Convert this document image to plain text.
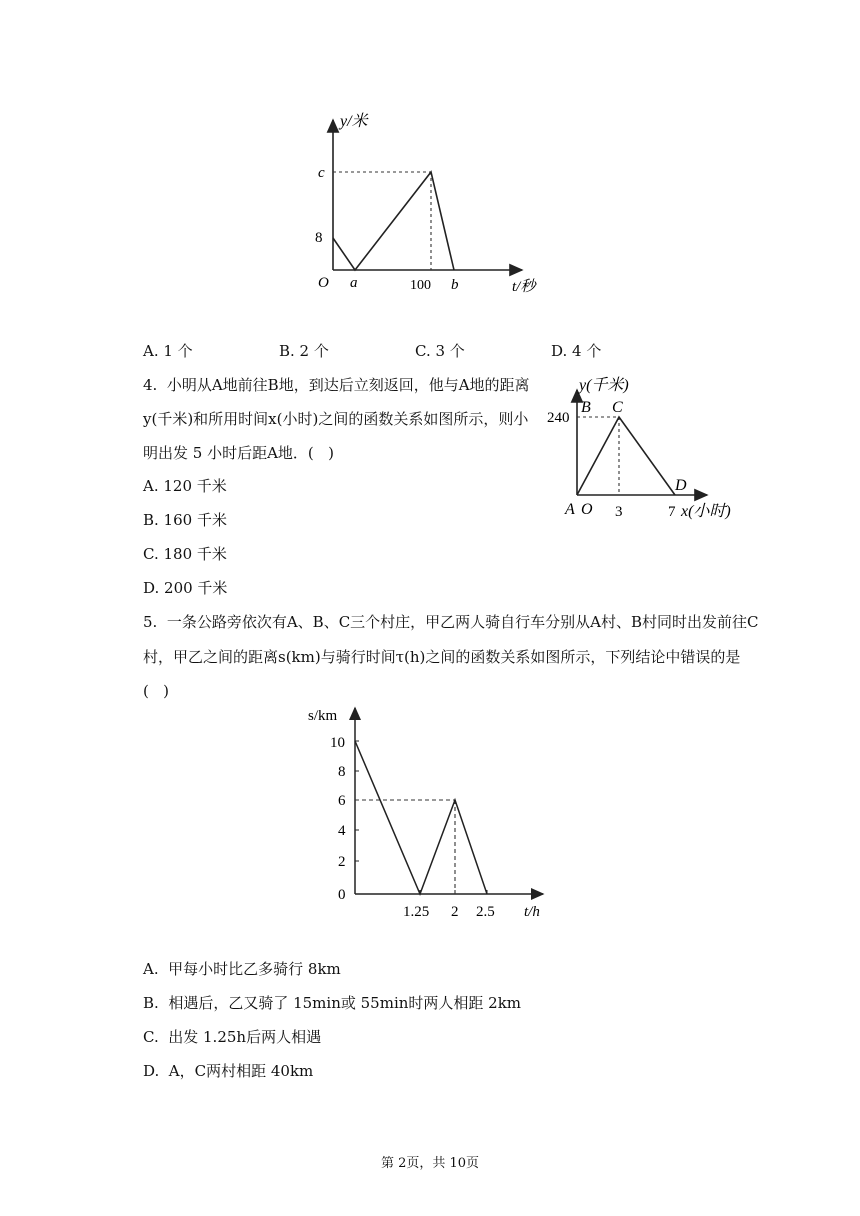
y/米
c
8
O a	100 b	t/秒
A. 1 个	B. 2 个	C. 3 个	D. 4 个
4.  小明从A地前往B地，到达后立刻返回，他与A地的距离
y(千米)和所用时间x(小时)之间的函数关系如图所示，则小
明出发 5 小时后距A地．(   )
A. 120 千米
B. 160 千米
C. 180 千米
D. 200 千米
y(千米)
B C
240
D
A O 3	7 x(小时)
5.  一条公路旁依次有A、B、C三个村庄，甲乙两人骑自行车分别从A村、B村同时出发前往C
村，甲乙之间的距离s(km)与骑行时间τ(h)之间的函数关系如图所示，下列结论中错误的是
(   )
s/km
10
8
6
4
2
0
1.25 2 2.5 t/h
A.  甲每小时比乙多骑行 8km
B.  相遇后，乙又骑了 15min或 55min时两人相距 2km
C.  出发 1.25h后两人相遇
D.  A，C两村相距 40km
第 2页，共 10页
